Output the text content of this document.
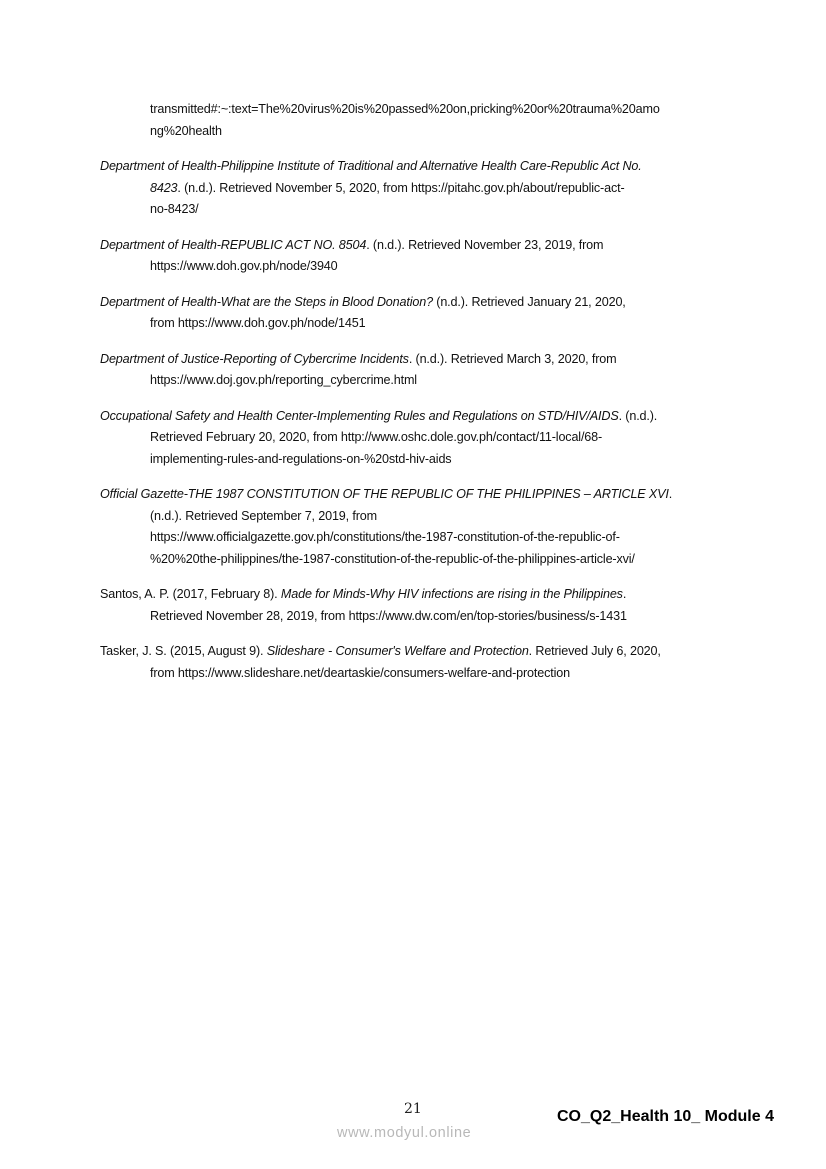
transmitted#:~:text=The%20virus%20is%20passed%20on,pricking%20or%20trauma%20amo
ng%20health
Department of Health-Philippine Institute of Traditional and Alternative Health Care-Republic Act No.
8423. (n.d.). Retrieved November 5, 2020, from https://pitahc.gov.ph/about/republic-act-
no-8423/
Department of Health-REPUBLIC ACT NO. 8504. (n.d.). Retrieved November 23, 2019, from
https://www.doh.gov.ph/node/3940
Department of Health-What are the Steps in Blood Donation? (n.d.). Retrieved January 21, 2020,
from https://www.doh.gov.ph/node/1451
Department of Justice-Reporting of Cybercrime Incidents. (n.d.). Retrieved March 3, 2020, from
https://www.doj.gov.ph/reporting_cybercrime.html
Occupational Safety and Health Center-Implementing Rules and Regulations on STD/HIV/AIDS. (n.d.).
Retrieved February 20, 2020, from http://www.oshc.dole.gov.ph/contact/11-local/68-
implementing-rules-and-regulations-on-%20std-hiv-aids
Official Gazette-THE 1987 CONSTITUTION OF THE REPUBLIC OF THE PHILIPPINES – ARTICLE XVI.
(n.d.). Retrieved September 7, 2019, from
https://www.officialgazette.gov.ph/constitutions/the-1987-constitution-of-the-republic-of-
%20%20the-philippines/the-1987-constitution-of-the-republic-of-the-philippines-article-xvi/
Santos, A. P. (2017, February 8). Made for Minds-Why HIV infections are rising in the Philippines.
Retrieved November 28, 2019, from https://www.dw.com/en/top-stories/business/s-1431
Tasker, J. S. (2015, August 9). Slideshare - Consumer's Welfare and Protection. Retrieved July 6, 2020,
from https://www.slideshare.net/deartaskie/consumers-welfare-and-protection
21	CO_Q2_Health 10_ Module 4
www.modyul.online
